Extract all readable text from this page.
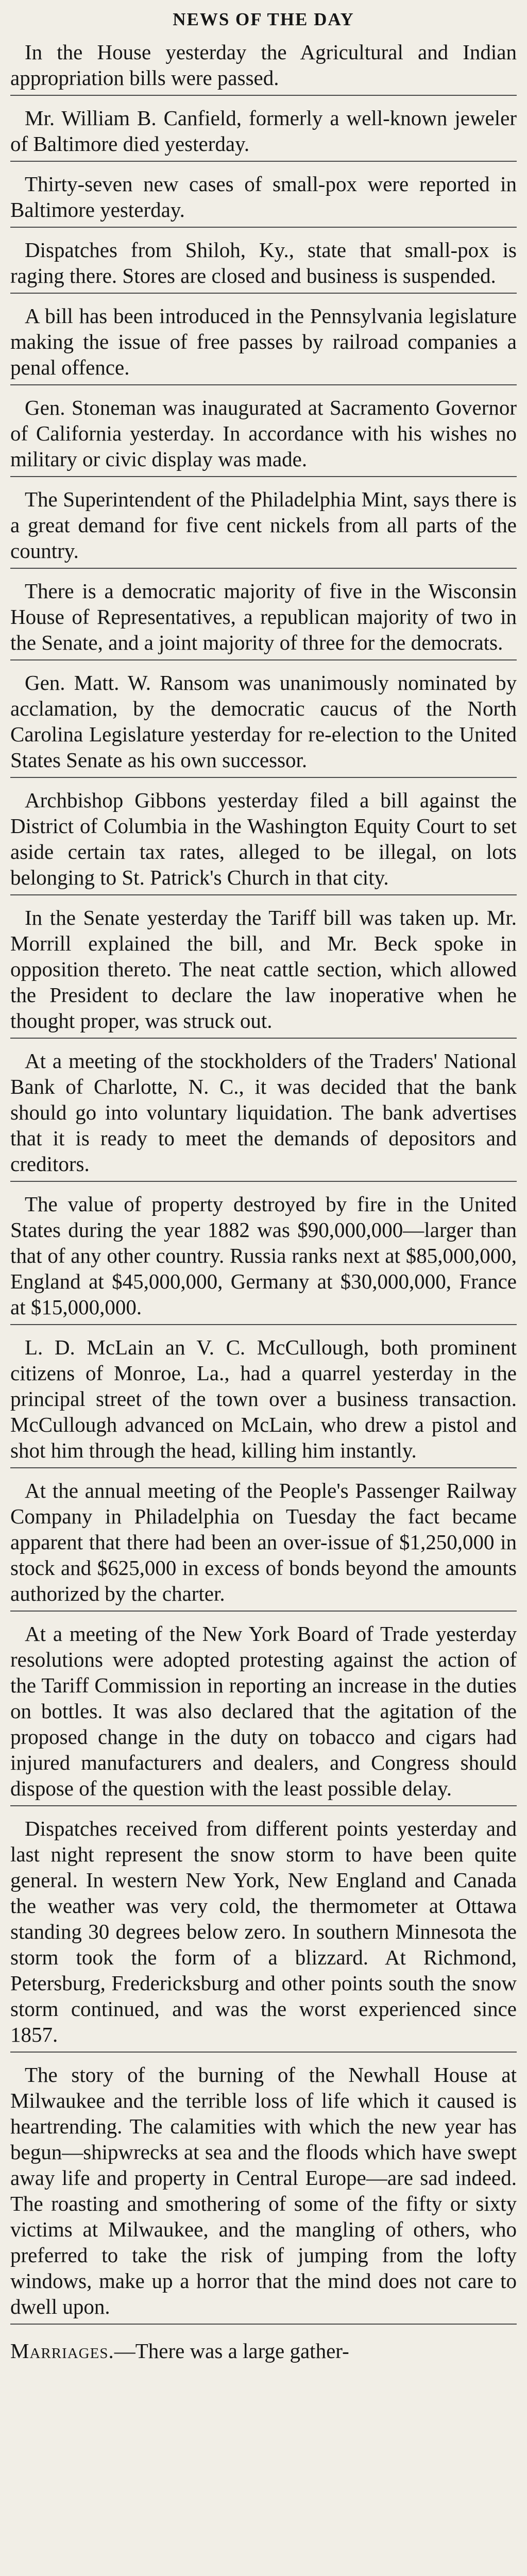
NEWS OF THE DAY

In the House yesterday the Agricultural and Indian appropriation bills were passed.

Mr. William B. Canfield, formerly a well-known jeweler of Baltimore died yesterday.

Thirty-seven new cases of small-pox were reported in Baltimore yesterday.

Dispatches from Shiloh, Ky., state that small-pox is raging there. Stores are closed and business is suspended.

A bill has been introduced in the Pennsylvania legislature making the issue of free passes by railroad companies a penal offence.

Gen. Stoneman was inaugurated at Sacramento Governor of California yesterday. In accordance with his wishes no military or civic display was made.

The Superintendent of the Philadelphia Mint, says there is a great demand for five cent nickels from all parts of the country.

There is a democratic majority of five in the Wisconsin House of Representatives, a republican majority of two in the Senate, and a joint majority of three for the democrats.

Gen. Matt. W. Ransom was unanimously nominated by acclamation, by the democratic caucus of the North Carolina Legislature yesterday for re-election to the United States Senate as his own successor.

Archbishop Gibbons yesterday filed a bill against the District of Columbia in the Washington Equity Court to set aside certain tax rates, alleged to be illegal, on lots belonging to St. Patrick's Church in that city.

In the Senate yesterday the Tariff bill was taken up. Mr. Morrill explained the bill, and Mr. Beck spoke in opposition thereto. The neat cattle section, which allowed the President to declare the law inoperative when he thought proper, was struck out.

At a meeting of the stockholders of the Traders' National Bank of Charlotte, N. C., it was decided that the bank should go into voluntary liquidation. The bank advertises that it is ready to meet the demands of depositors and creditors.

The value of property destroyed by fire in the United States during the year 1882 was $90,000,000—larger than that of any other country. Russia ranks next at $85,000,000, England at $45,000,000, Germany at $30,000,000, France at $15,000,000.

L. D. McLain an V. C. McCullough, both prominent citizens of Monroe, La., had a quarrel yesterday in the principal street of the town over a business transaction. McCullough advanced on McLain, who drew a pistol and shot him through the head, killing him instantly.

At the annual meeting of the People's Passenger Railway Company in Philadelphia on Tuesday the fact became apparent that there had been an over-issue of $1,250,000 in stock and $625,000 in excess of bonds beyond the amounts authorized by the charter.

At a meeting of the New York Board of Trade yesterday resolutions were adopted protesting against the action of the Tariff Commission in reporting an increase in the duties on bottles. It was also declared that the agitation of the proposed change in the duty on tobacco and cigars had injured manufacturers and dealers, and Congress should dispose of the question with the least possible delay.

Dispatches received from different points yesterday and last night represent the snow storm to have been quite general. In western New York, New England and Canada the weather was very cold, the thermometer at Ottawa standing 30 degrees below zero. In southern Minnesota the storm took the form of a blizzard. At Richmond, Petersburg, Fredericksburg and other points south the snow storm continued, and was the worst experienced since 1857.

The story of the burning of the Newhall House at Milwaukee and the terrible loss of life which it caused is heartrending. The calamities with which the new year has begun—shipwrecks at sea and the floods which have swept away life and property in Central Europe—are sad indeed. The roasting and smothering of some of the fifty or sixty victims at Milwaukee, and the mangling of others, who preferred to take the risk of jumping from the lofty windows, make up a horror that the mind does not care to dwell upon.

Marriages.—There was a large gather-
